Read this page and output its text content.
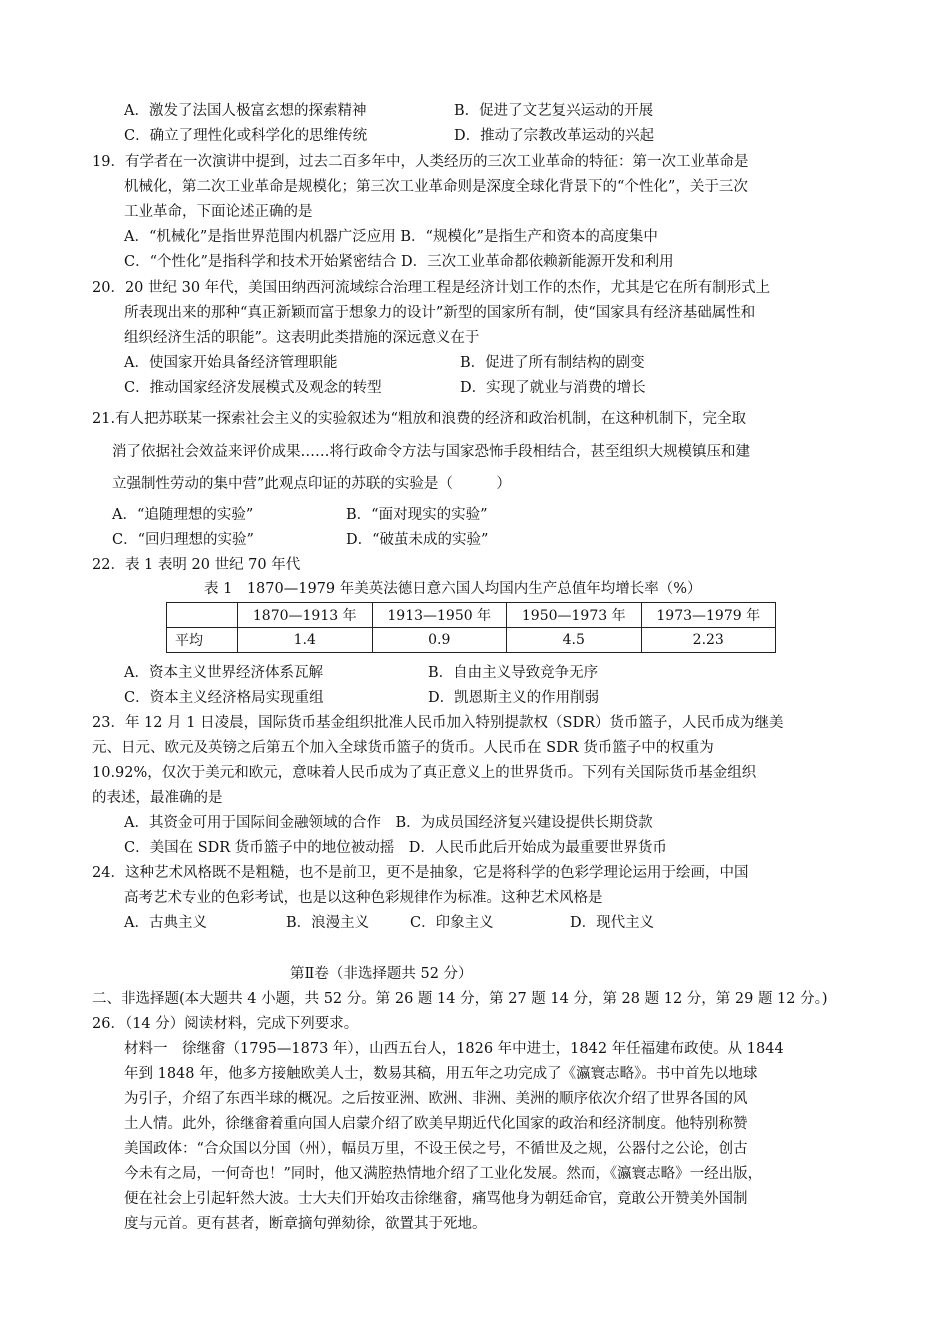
A．激发了法国人极富玄想的探索精神	B．促进了文艺复兴运动的开展
C．确立了理性化或科学化的思维传统	D．推动了宗教改革运动的兴起
19．有学者在一次演讲中提到，过去二百多年中，人类经历的三次工业革命的特征：第一次工业革命是
机械化，第二次工业革命是规模化；第三次工业革命则是深度全球化背景下的“个性化”，关于三次
工业革命，下面论述正确的是
A．“机械化”是指世界范围内机器广泛应用 B．“规模化”是指生产和资本的高度集中
C．“个性化”是指科学和技术开始紧密结合 D．三次工业革命都依赖新能源开发和利用
20．20 世纪 30 年代，美国田纳西河流域综合治理工程是经济计划工作的杰作，尤其是它在所有制形式上
所表现出来的那种“真正新颖而富于想象力的设计”新型的国家所有制，使“国家具有经济基础属性和
组织经济生活的职能”。这表明此类措施的深远意义在于
A．使国家开始具备经济管理职能	B．促进了所有制结构的剧变
C．推动国家经济发展模式及观念的转型	D．实现了就业与消费的增长
21.有人把苏联某一探索社会主义的实验叙述为“粗放和浪费的经济和政治机制，在这种机制下，完全取
消了依据社会效益来评价成果……将行政命令方法与国家恐怖手段相结合，甚至组织大规模镇压和建
立强制性劳动的集中营”此观点印证的苏联的实验是（　　　）
A．“追随理想的实验”	B．“面对现实的实验”
C．“回归理想的实验”	D．“破茧未成的实验”
22．表 1 表明 20 世纪 70 年代
表 1　1870—1979 年美英法德日意六国人均国内生产总值年均增长率（%）
	1870—1913 年	1913—1950 年	1950—1973 年	1973—1979 年
平均	1.4	0.9	4.5	2.23
A．资本主义世界经济体系瓦解	B．自由主义导致竞争无序
C．资本主义经济格局实现重组	D．凯恩斯主义的作用削弱
23．年 12 月 1 日凌晨，国际货币基金组织批准人民币加入特别提款权（SDR）货币篮子，人民币成为继美
元、日元、欧元及英镑之后第五个加入全球货币篮子的货币。人民币在 SDR 货币篮子中的权重为
10.92%，仅次于美元和欧元，意味着人民币成为了真正意义上的世界货币。下列有关国际货币基金组织
的表述，最准确的是
A．其资金可用于国际间金融领域的合作　B．为成员国经济复兴建设提供长期贷款
C．美国在 SDR 货币篮子中的地位被动摇　D．人民币此后开始成为最重要世界货币
24．这种艺术风格既不是粗糙，也不是前卫，更不是抽象，它是将科学的色彩学理论运用于绘画，中国
高考艺术专业的色彩考试，也是以这种色彩规律作为标准。这种艺术风格是
A．古典主义	B．浪漫主义	C．印象主义	D．现代主义
第Ⅱ卷（非选择题共 52 分）
二、非选择题(本大题共 4 小题，共 52 分。第 26 题 14 分，第 27 题 14 分，第 28 题 12 分，第 29 题 12 分。)
26．（14 分）阅读材料，完成下列要求。
材料一　徐继畲（1795—1873 年），山西五台人，1826 年中进士，1842 年任福建布政使。从 1844
年到 1848 年，他多方接触欧美人士，数易其稿，用五年之功完成了《瀛寰志略》。书中首先以地球
为引子，介绍了东西半球的概况。之后按亚洲、欧洲、非洲、美洲的顺序依次介绍了世界各国的风
土人情。此外，徐继畲着重向国人启蒙介绍了欧美早期近代化国家的政治和经济制度。他特别称赞
美国政体：“合众国以分国（州），幅员万里，不设王侯之号，不循世及之规，公器付之公论，创古
今未有之局，一何奇也！”同时，他又满腔热情地介绍了工业化发展。然而，《瀛寰志略》一经出版，
便在社会上引起轩然大波。士大夫们开始攻击徐继畲，痛骂他身为朝廷命官，竟敢公开赞美外国制
度与元首。更有甚者，断章摘句弹劾徐，欲置其于死地。
